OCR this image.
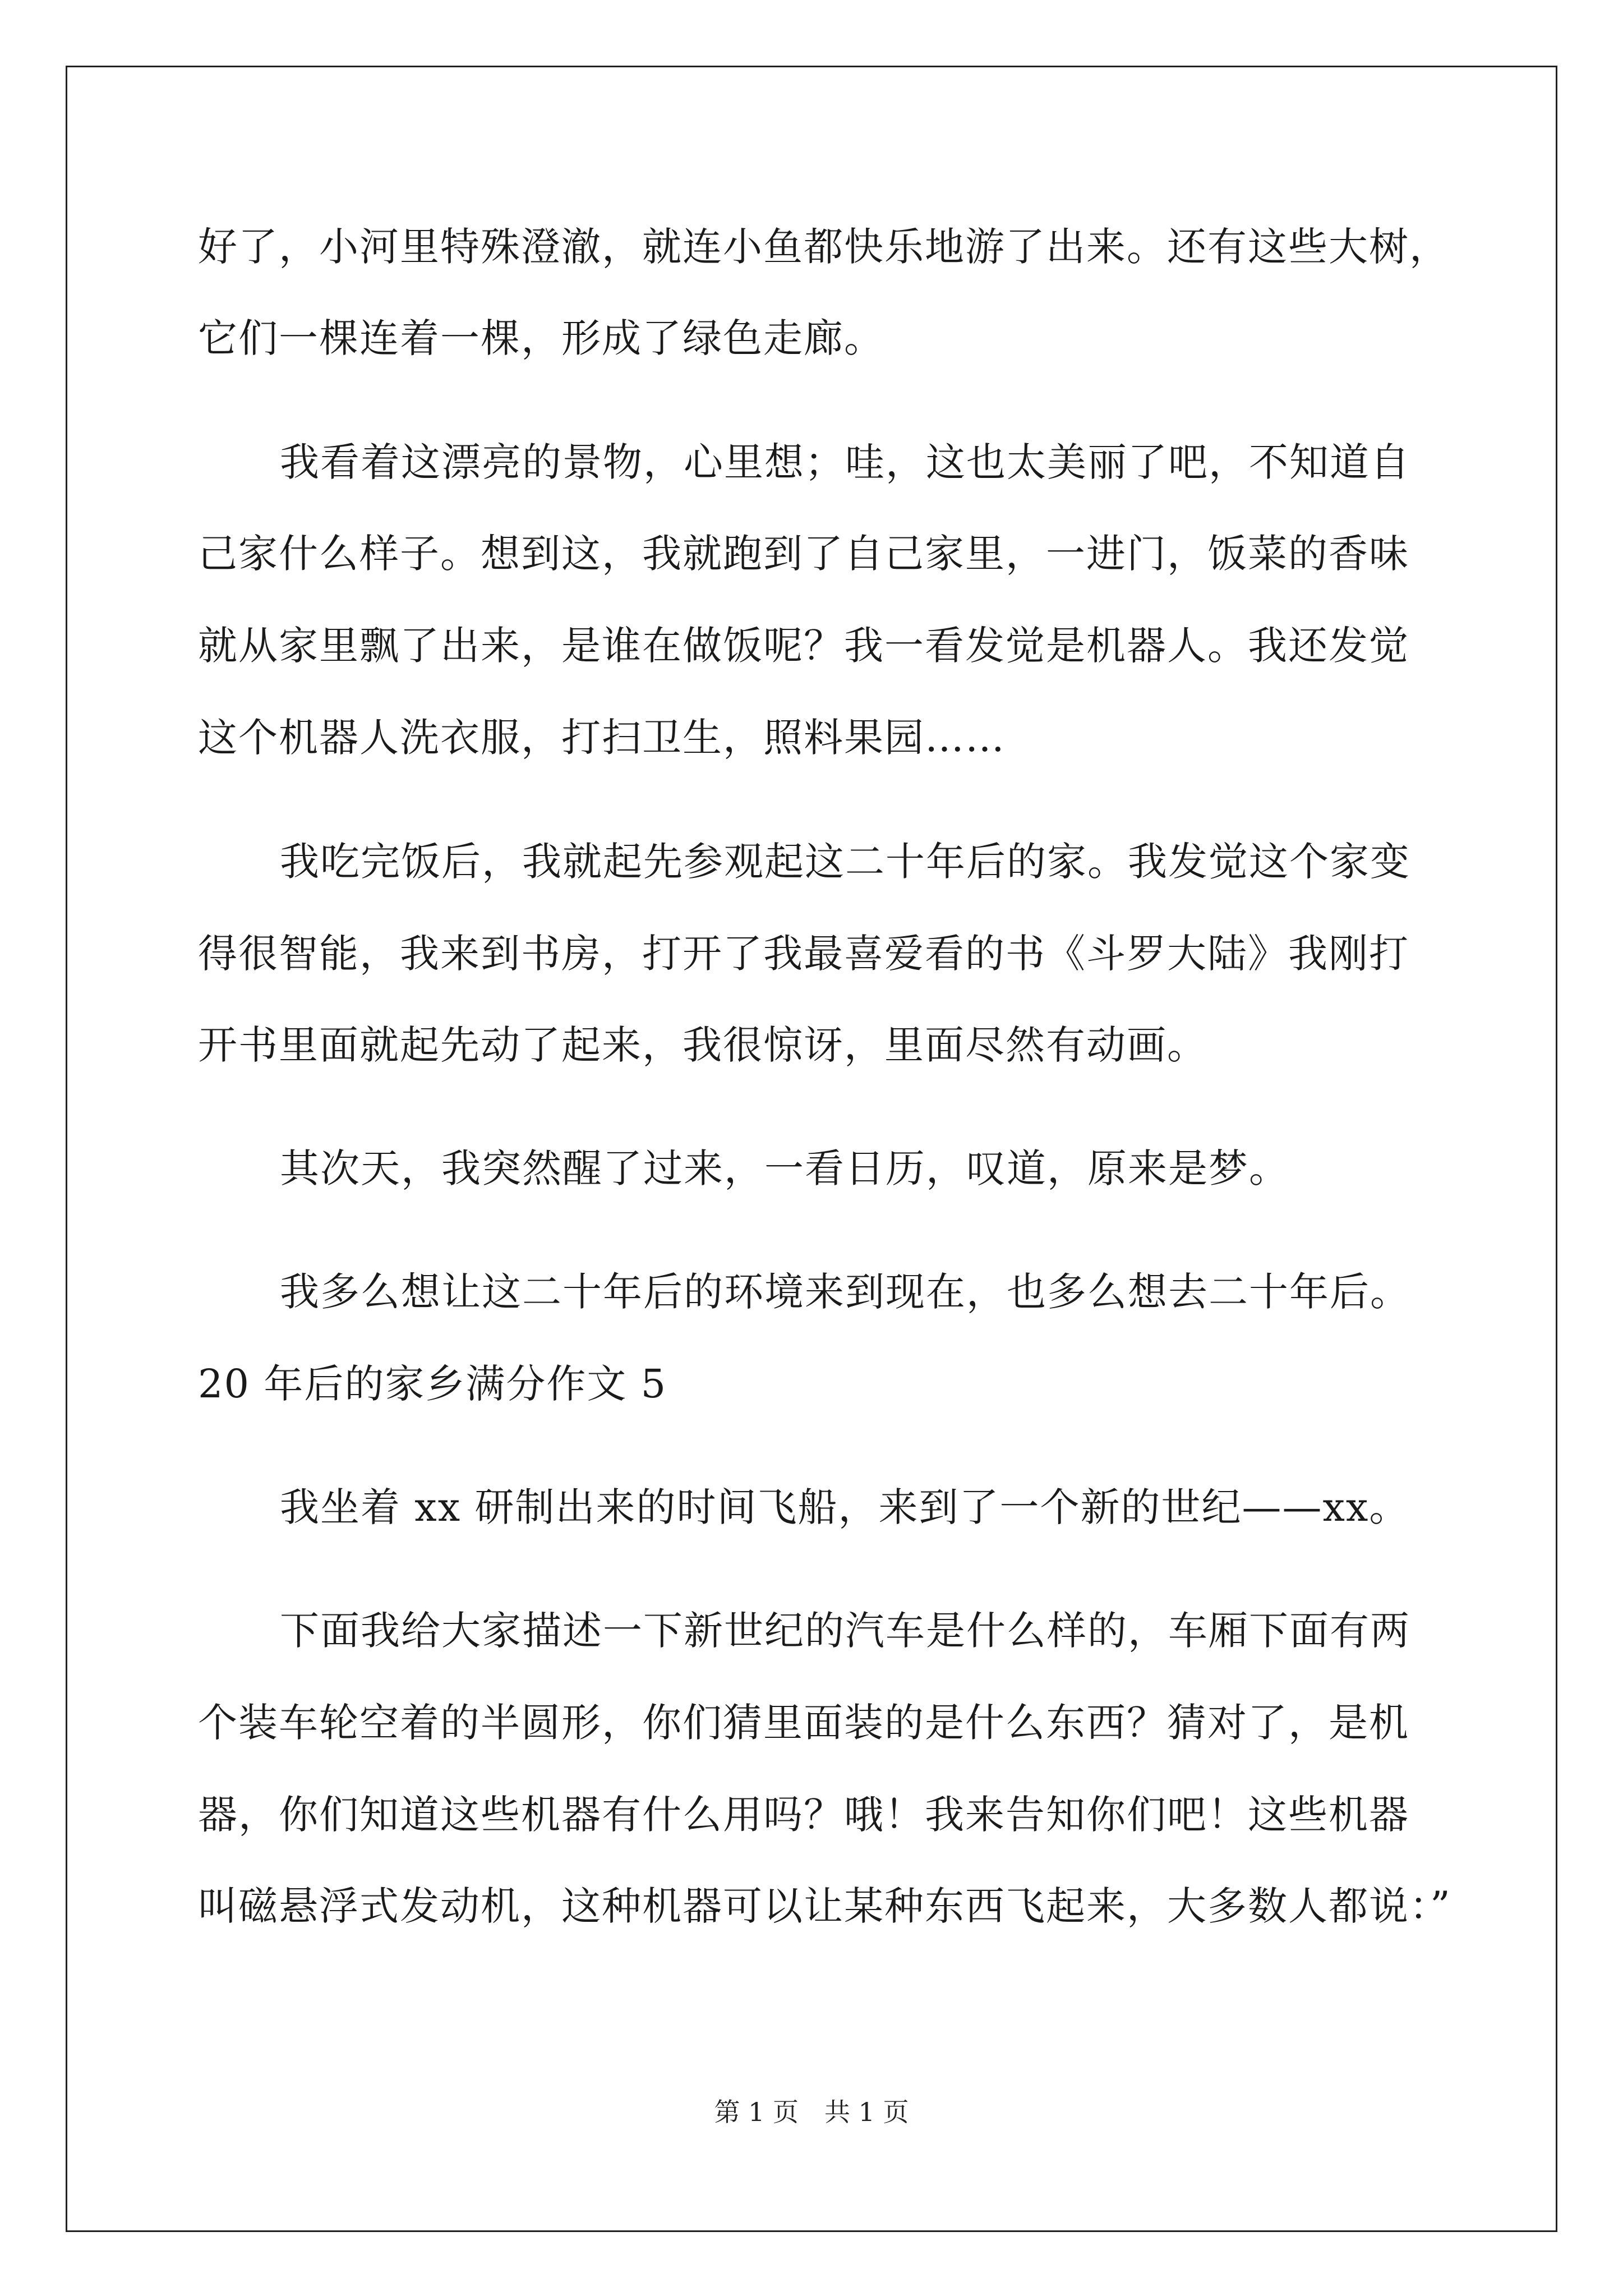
好了，小河里特殊澄澈，就连小鱼都快乐地游了出来。还有这些大树，
它们一棵连着一棵，形成了绿色走廊。
我看着这漂亮的景物，心里想；哇，这也太美丽了吧，不知道自
己家什么样子。想到这，我就跑到了自己家里，一进门，饭菜的香味
就从家里飘了出来，是谁在做饭呢？我一看发觉是机器人。我还发觉
这个机器人洗衣服，打扫卫生，照料果园……
我吃完饭后，我就起先参观起这二十年后的家。我发觉这个家变
得很智能，我来到书房，打开了我最喜爱看的书《斗罗大陆》我刚打
开书里面就起先动了起来，我很惊讶，里面尽然有动画。
其次天，我突然醒了过来，一看日历，叹道，原来是梦。
我多么想让这二十年后的环境来到现在，也多么想去二十年后。
20 年后的家乡满分作文 5
我坐着 xx 研制出来的时间飞船，来到了一个新的世纪——xx。
下面我给大家描述一下新世纪的汽车是什么样的，车厢下面有两
个装车轮空着的半圆形，你们猜里面装的是什么东西？猜对了，是机
器，你们知道这些机器有什么用吗？哦！我来告知你们吧！这些机器
叫磁悬浮式发动机，这种机器可以让某种东西飞起来，大多数人都说：”
第 1 页　共 1 页
